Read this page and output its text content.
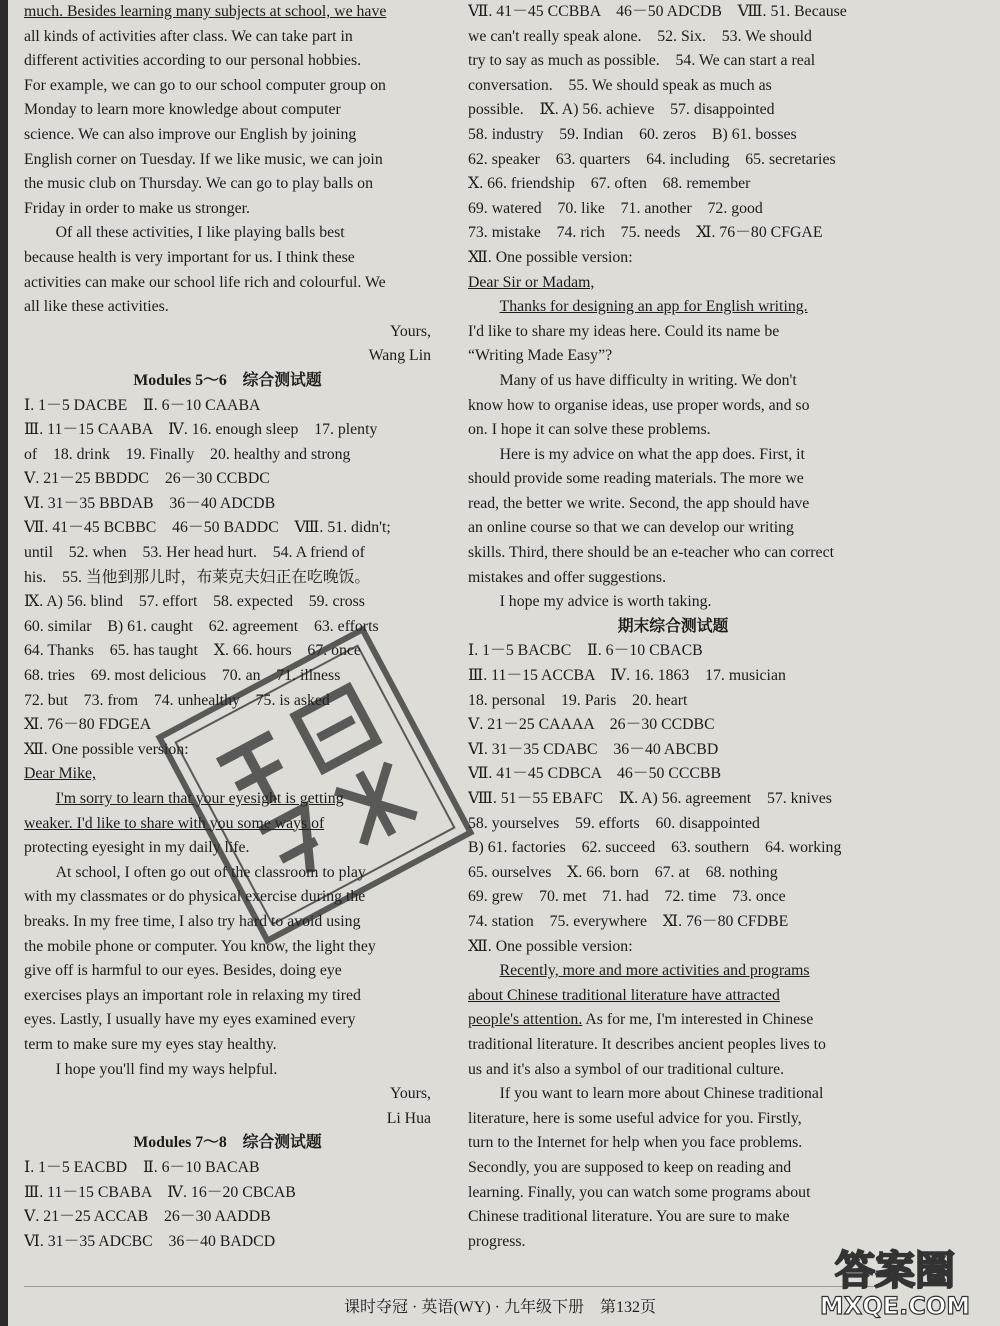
much. Besides learning many subjects at school, we have
all kinds of activities after class. We can take part in
different activities according to our personal hobbies.
For example, we can go to our school computer group on
Monday to learn more knowledge about computer
science. We can also improve our English by joining
English corner on Tuesday. If we like music, we can join
the music club on Thursday. We can go to play balls on
Friday in order to make us stronger.
Of all these activities, I like playing balls best
because health is very important for us. I think these
activities can make our school life rich and colourful. We
all like these activities.
Yours,
Wang Lin
Modules 5～6　综合测试题
Ⅰ. 1－5 DACBE　Ⅱ. 6－10 CAABA
Ⅲ. 11－15 CAABA　Ⅳ. 16. enough sleep　17. plenty
of　18. drink　19. Finally　20. healthy and strong
Ⅴ. 21－25 BBDDC　26－30 CCBDC
Ⅵ. 31－35 BBDAB　36－40 ADCDB
Ⅶ. 41－45 BCBBC　46－50 BADDC　Ⅷ. 51. didn't;
until　52. when　53. Her head hurt.　54. A friend of
his.　55. 当他到那儿时，布莱克夫妇正在吃晚饭。
Ⅸ. A) 56. blind　57. effort　58. expected　59. cross
60. similar　B) 61. caught　62. agreement　63. efforts
64. Thanks　65. has taught　Ⅹ. 66. hours　67. once
68. tries　69. most delicious　70. an　71. illness
72. but　73. from　74. unhealthy　75. is asked
Ⅺ. 76－80 FDGEA
Ⅻ. One possible version:
Dear Mike,
I'm sorry to learn that your eyesight is getting
weaker. I'd like to share with you some ways of
protecting eyesight in my daily life.
At school, I often go out of the classroom to play
with my classmates or do physical exercise during the
breaks. In my free time, I also try hard to avoid using
the mobile phone or computer. You know, the light they
give off is harmful to our eyes. Besides, doing eye
exercises plays an important role in relaxing my tired
eyes. Lastly, I usually have my eyes examined every
term to make sure my eyes stay healthy.
I hope you'll find my ways helpful.
Yours,
Li Hua
Modules 7～8　综合测试题
Ⅰ. 1－5 EACBD　Ⅱ. 6－10 BACAB
Ⅲ. 11－15 CBABA　Ⅳ. 16－20 CBCAB
Ⅴ. 21－25 ACCAB　26－30 AADDB
Ⅵ. 31－35 ADCBC　36－40 BADCD
Ⅶ. 41－45 CCBBA　46－50 ADCDB　Ⅷ. 51. Because
we can't really speak alone.　52. Six.　53. We should
try to say as much as possible.　54. We can start a real
conversation.　55. We should speak as much as
possible.　Ⅸ. A) 56. achieve　57. disappointed
58. industry　59. Indian　60. zeros　B) 61. bosses
62. speaker　63. quarters　64. including　65. secretaries
Ⅹ. 66. friendship　67. often　68. remember
69. watered　70. like　71. another　72. good
73. mistake　74. rich　75. needs　Ⅺ. 76－80 CFGAE
Ⅻ. One possible version:
Dear Sir or Madam,
Thanks for designing an app for English writing.
I'd like to share my ideas here. Could its name be
“Writing Made Easy”?
Many of us have difficulty in writing. We don't
know how to organise ideas, use proper words, and so
on. I hope it can solve these problems.
Here is my advice on what the app does. First, it
should provide some reading materials. The more we
read, the better we write. Second, the app should have
an online course so that we can develop our writing
skills. Third, there should be an e-teacher who can correct
mistakes and offer suggestions.
I hope my advice is worth taking.
期末综合测试题
Ⅰ. 1－5 BACBC　Ⅱ. 6－10 CBACB
Ⅲ. 11－15 ACCBA　Ⅳ. 16. 1863　17. musician
18. personal　19. Paris　20. heart
Ⅴ. 21－25 CAAAA　26－30 CCDBC
Ⅵ. 31－35 CDABC　36－40 ABCBD
Ⅶ. 41－45 CDBCA　46－50 CCCBB
Ⅷ. 51－55 EBAFC　Ⅸ. A) 56. agreement　57. knives
58. yourselves　59. efforts　60. disappointed
B) 61. factories　62. succeed　63. southern　64. working
65. ourselves　Ⅹ. 66. born　67. at　68. nothing
69. grew　70. met　71. had　72. time　73. once
74. station　75. everywhere　Ⅺ. 76－80 CFDBE
Ⅻ. One possible version:
Recently, more and more activities and programs
about Chinese traditional literature have attracted
people's attention. As for me, I'm interested in Chinese
traditional literature. It describes ancient peoples lives to
us and it's also a symbol of our traditional culture.
If you want to learn more about Chinese traditional
literature, here is some useful advice for you. Firstly,
turn to the Internet for help when you face problems.
Secondly, you are supposed to keep on reading and
learning. Finally, you can watch some programs about
Chinese traditional literature. You are sure to make
progress.
课时夺冠 · 英语(WY) · 九年级下册　第132页
答案圈
MXQE.COM
